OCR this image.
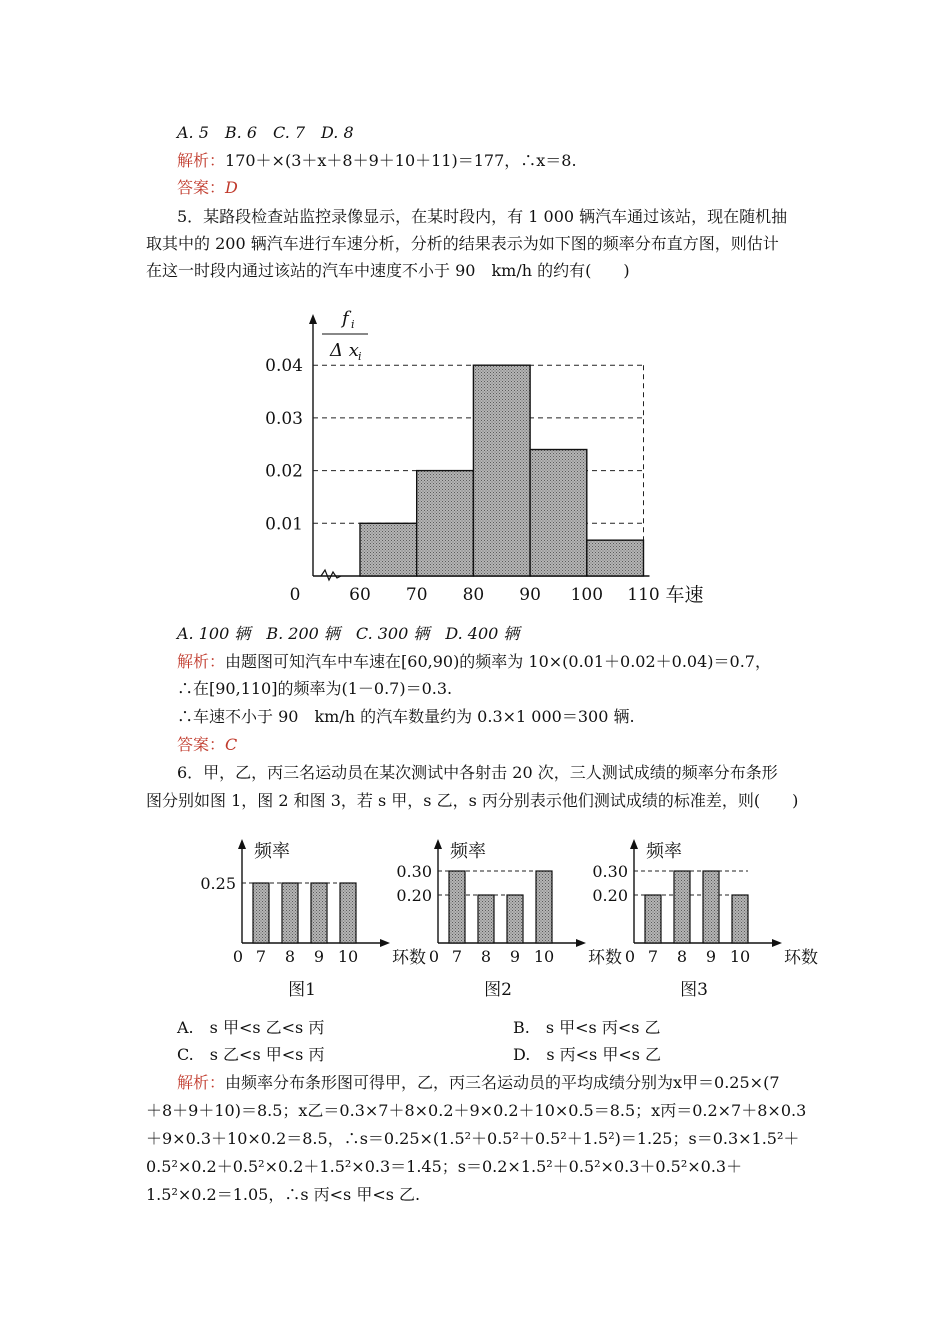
A. 5　B. 6　C. 7　D. 8
解析：170＋×(3＋x＋8＋9＋10＋11)＝177，∴x＝8.
答案：D
5．某路段检查站监控录像显示，在某时段内，有 1 000 辆汽车通过该站，现在随机抽
取其中的 200 辆汽车进行车速分析，分析的结果表示为如下图的频率分布直方图，则估计
在这一时段内通过该站的汽车中速度不小于 90　km/h 的约有(　　)
f i
Δ x i
0.01
0.02
0.03
0.04
0	60 70 80 90 100 110 车速
A. 100 辆　B. 200 辆　C. 300 辆　D. 400 辆
解析：由题图可知汽车中车速在[60,90)的频率为 10×(0.01＋0.02＋0.04)＝0.7，
∴在[90,110]的频率为(1－0.7)＝0.3.
∴车速不小于 90　km/h 的汽车数量约为 0.3×1 000＝300 辆.
答案：C
6．甲，乙，丙三名运动员在某次测试中各射击 20 次，三人测试成绩的频率分布条形
图分别如图 1，图 2 和图 3，若 s 甲，s 乙，s 丙分别表示他们测试成绩的标准差，则(　　)
频率
0.25
0 7 8 9 10 环数
图1
频率
0.30
0.20
0 7 8 9 10 环数
图2
频率
0.30
0.20
0 7 8 9 10 环数
图3
A.　s 甲<s 乙<s 丙	B.　s 甲<s 丙<s 乙
C.　s 乙<s 甲<s 丙	D.　s 丙<s 甲<s 乙
解析：由频率分布条形图可得甲，乙，丙三名运动员的平均成绩分别为x甲＝0.25×(7
＋8＋9＋10)＝8.5；x乙＝0.3×7＋8×0.2＋9×0.2＋10×0.5＝8.5；x丙＝0.2×7＋8×0.3
＋9×0.3＋10×0.2＝8.5，∴s＝0.25×(1.5²＋0.5²＋0.5²＋1.5²)＝1.25；s＝0.3×1.5²＋
0.5²×0.2＋0.5²×0.2＋1.5²×0.3＝1.45；s＝0.2×1.5²＋0.5²×0.3＋0.5²×0.3＋
1.5²×0.2＝1.05，∴s 丙<s 甲<s 乙.
